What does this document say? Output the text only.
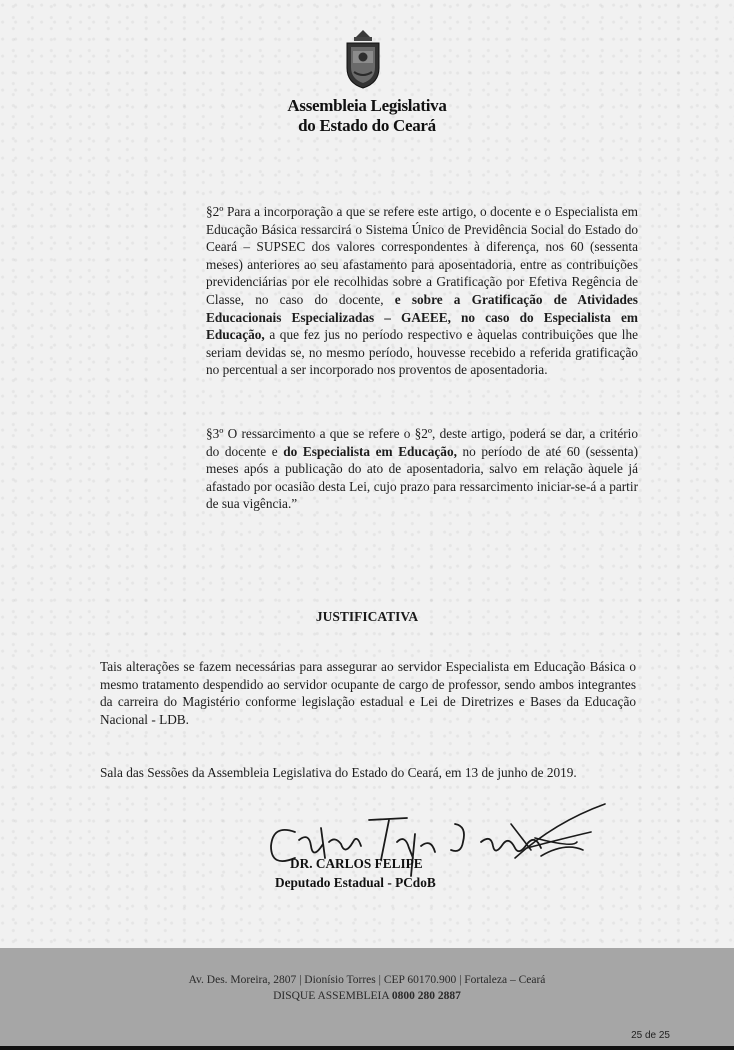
Assembleia Legislativa
do Estado do Ceará
§2º Para a incorporação a que se refere este artigo, o docente e o Especialista em Educação Básica ressarcirá o Sistema Único de Previdência Social do Estado do Ceará – SUPSEC dos valores correspondentes à diferença, nos 60 (sessenta meses) anteriores ao seu afastamento para aposentadoria, entre as contribuições previdenciárias por ele recolhidas sobre a Gratificação por Efetiva Regência de Classe, no caso do docente, e sobre a Gratificação de Atividades Educacionais Especializadas – GAEEE, no caso do Especialista em Educação, a que fez jus no período respectivo e àquelas contribuições que lhe seriam devidas se, no mesmo período, houvesse recebido a referida gratificação no percentual a ser incorporado nos proventos de aposentadoria.
§3º O ressarcimento a que se refere o §2º, deste artigo, poderá se dar, a critério do docente e do Especialista em Educação, no período de até 60 (sessenta) meses após a publicação do ato de aposentadoria, salvo em relação àquele já afastado por ocasião desta Lei, cujo prazo para ressarcimento iniciar-se-á a partir de sua vigência.”
JUSTIFICATIVA
Tais alterações se fazem necessárias para assegurar ao servidor Especialista em Educação Básica o mesmo tratamento despendido ao servidor ocupante de cargo de professor, sendo ambos integrantes da carreira do Magistério conforme legislação estadual e Lei de Diretrizes e Bases da Educação Nacional - LDB.
Sala das Sessões da Assembleia Legislativa do Estado do Ceará, em 13 de junho de 2019.
DR. CARLOS FELIPE
Deputado Estadual - PCdoB
Av. Des. Moreira, 2807 | Dionísio Torres | CEP 60170.900 | Fortaleza – Ceará
DISQUE ASSEMBLEIA 0800 280 2887
25 de 25
